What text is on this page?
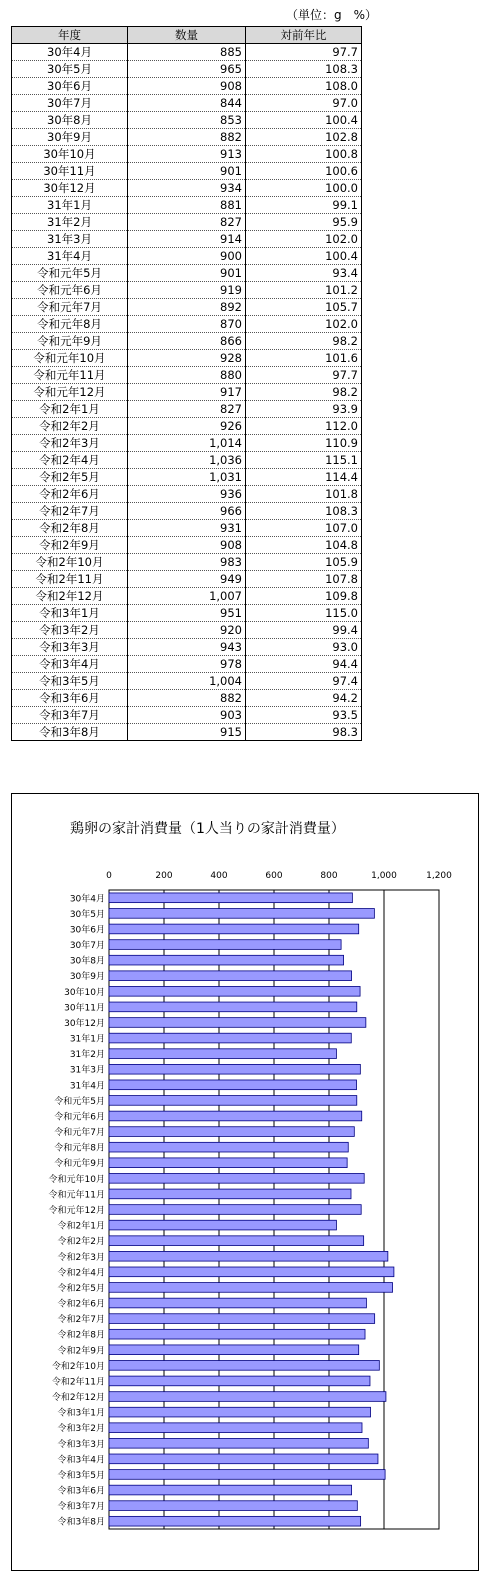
（単位：g　%）
年度	数量	対前年比
30年4月	885	97.7
30年5月	965	108.3
30年6月	908	108.0
30年7月	844	97.0
30年8月	853	100.4
30年9月	882	102.8
30年10月	913	100.8
30年11月	901	100.6
30年12月	934	100.0
31年1月	881	99.1
31年2月	827	95.9
31年3月	914	102.0
31年4月	900	100.4
令和元年5月	901	93.4
令和元年6月	919	101.2
令和元年7月	892	105.7
令和元年8月	870	102.0
令和元年9月	866	98.2
令和元年10月	928	101.6
令和元年11月	880	97.7
令和元年12月	917	98.2
令和2年1月	827	93.9
令和2年2月	926	112.0
令和2年3月	1,014	110.9
令和2年4月	1,036	115.1
令和2年5月	1,031	114.4
令和2年6月	936	101.8
令和2年7月	966	108.3
令和2年8月	931	107.0
令和2年9月	908	104.8
令和2年10月	983	105.9
令和2年11月	949	107.8
令和2年12月	1,007	109.8
令和3年1月	951	115.0
令和3年2月	920	99.4
令和3年3月	943	93.0
令和3年4月	978	94.4
令和3年5月	1,004	97.4
令和3年6月	882	94.2
令和3年7月	903	93.5
令和3年8月	915	98.3
鶏卵の家計消費量（1人当りの家計消費量）
0	200	400	600	800	1,000	1,200
30年4月
30年5月
30年6月
30年7月
30年8月
30年9月
30年10月
30年11月
30年12月
31年1月
31年2月
31年3月
31年4月
令和元年5月
令和元年6月
令和元年7月
令和元年8月
令和元年9月
令和元年10月
令和元年11月
令和元年12月
令和2年1月
令和2年2月
令和2年3月
令和2年4月
令和2年5月
令和2年6月
令和2年7月
令和2年8月
令和2年9月
令和2年10月
令和2年11月
令和2年12月
令和3年1月
令和3年2月
令和3年3月
令和3年4月
令和3年5月
令和3年6月
令和3年7月
令和3年8月
